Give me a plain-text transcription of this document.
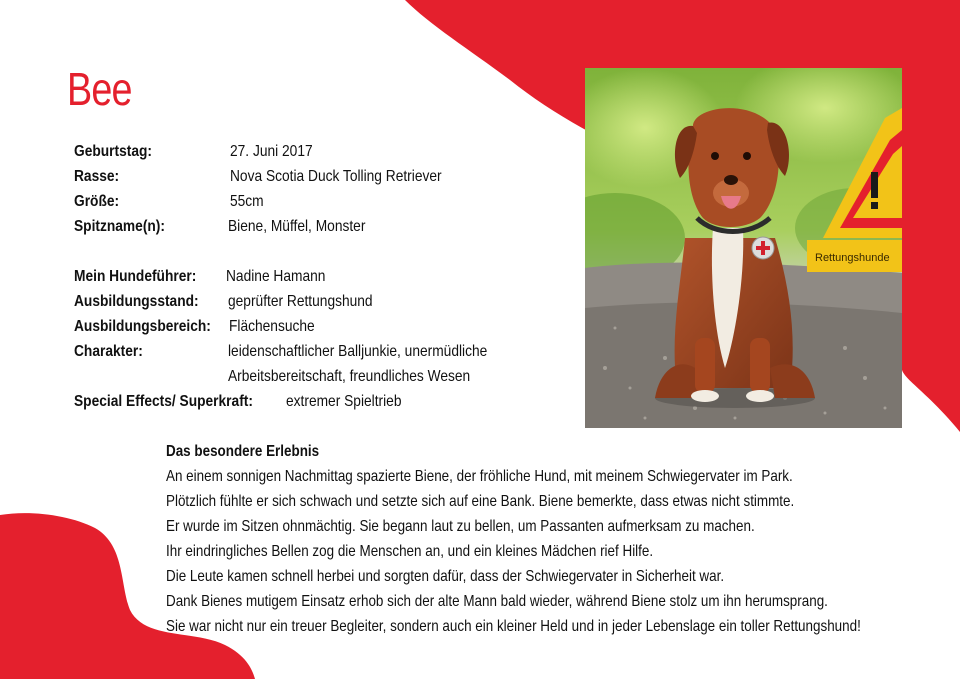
Bee
Geburtstag:	27. Juni 2017
Rasse:	Nova Scotia Duck Tolling Retriever
Größe:	55cm
Spitzname(n):	Biene, Müffel, Monster
Mein Hundeführer: Nadine Hamann
Ausbildungsstand: geprüfter Rettungshund
Ausbildungsbereich: Flächensuche
Charakter:	leidenschaftlicher Balljunkie, unermüdliche
Arbeitsbereitschaft, freundliches Wesen
Special Effects/ Superkraft: extremer Spieltrieb
Rettungshunde
Das besondere Erlebnis
An einem sonnigen Nachmittag spazierte Biene, der fröhliche Hund, mit meinem Schwiegervater im Park.
Plötzlich fühlte er sich schwach und setzte sich auf eine Bank. Biene bemerkte, dass etwas nicht stimmte.
Er wurde im Sitzen ohnmächtig. Sie begann laut zu bellen, um Passanten aufmerksam zu machen.
Ihr eindringliches Bellen zog die Menschen an, und ein kleines Mädchen rief Hilfe.
Die Leute kamen schnell herbei und sorgten dafür, dass der Schwiegervater in Sicherheit war.
Dank Bienes mutigem Einsatz erhob sich der alte Mann bald wieder, während Biene stolz um ihn herumsprang.
Sie war nicht nur ein treuer Begleiter, sondern auch ein kleiner Held und in jeder Lebenslage ein toller Rettungshund!
